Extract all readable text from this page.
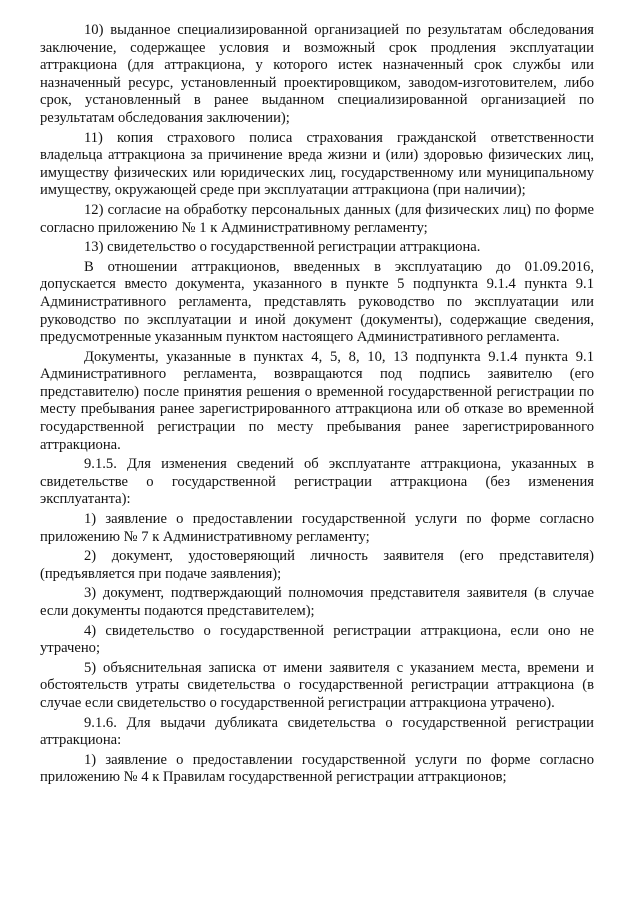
10) выданное специализированной организацией по результатам обследования заключение, содержащее условия и возможный срок продления эксплуатации аттракциона (для аттракциона, у которого истек назначенный срок службы или назначенный ресурс, установленный проектировщиком, заводом-изготовителем, либо срок, установленный в ранее выданном специализированной организацией по результатам обследования заключении);

11) копия страхового полиса страхования гражданской ответственности владельца аттракциона за причинение вреда жизни и (или) здоровью физических лиц, имуществу физических или юридических лиц, государственному или муниципальному имуществу, окружающей среде при эксплуатации аттракциона (при наличии);

12) согласие на обработку персональных данных (для физических лиц) по форме согласно приложению № 1 к Административному регламенту;

13) свидетельство о государственной регистрации аттракциона.

В отношении аттракционов, введенных в эксплуатацию до 01.09.2016, допускается вместо документа, указанного в пункте 5 подпункта 9.1.4 пункта 9.1 Административного регламента, представлять руководство по эксплуатации или руководство по эксплуатации и иной документ (документы), содержащие сведения, предусмотренные указанным пунктом настоящего Административного регламента.

Документы, указанные в пунктах 4, 5, 8, 10, 13 подпункта 9.1.4 пункта 9.1 Административного регламента, возвращаются под подпись заявителю (его представителю) после принятия решения о временной государственной регистрации по месту пребывания ранее зарегистрированного аттракциона или об отказе во временной государственной регистрации по месту пребывания ранее зарегистрированного аттракциона.

9.1.5. Для изменения сведений об эксплуатанте аттракциона, указанных в свидетельстве о государственной регистрации аттракциона (без изменения эксплуатанта):

1) заявление о предоставлении государственной услуги по форме согласно приложению № 7 к Административному регламенту;

2) документ, удостоверяющий личность заявителя (его представителя) (предъявляется при подаче заявления);

3) документ, подтверждающий полномочия представителя заявителя (в случае если документы подаются представителем);

4) свидетельство о государственной регистрации аттракциона, если оно не утрачено;

5) объяснительная записка от имени заявителя с указанием места, времени и обстоятельств утраты свидетельства о государственной регистрации аттракциона (в случае если свидетельство о государственной регистрации аттракциона утрачено).

9.1.6. Для выдачи дубликата свидетельства о государственной регистрации аттракциона:

1) заявление о предоставлении государственной услуги по форме согласно приложению № 4 к Правилам государственной регистрации аттракционов;
